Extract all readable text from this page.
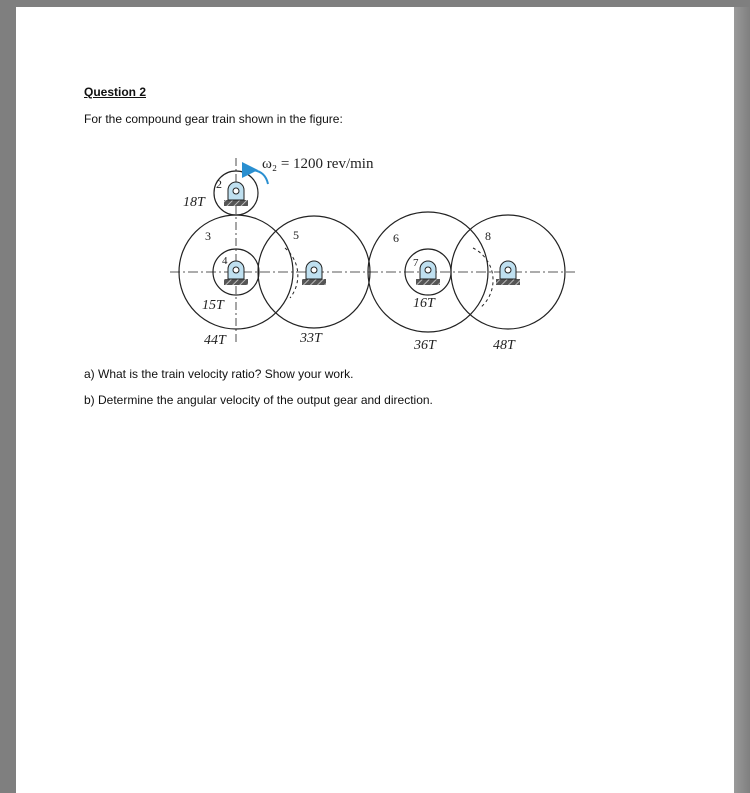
Question 2
For the compound gear train shown in the figure:
ω₂ = 1200 rev/min
2
3
4
5	6
7
8
18T
15T
44T	33T
16T
36T	48T
a) What is the train velocity ratio? Show your work.
b) Determine the angular velocity of the output gear and direction.
